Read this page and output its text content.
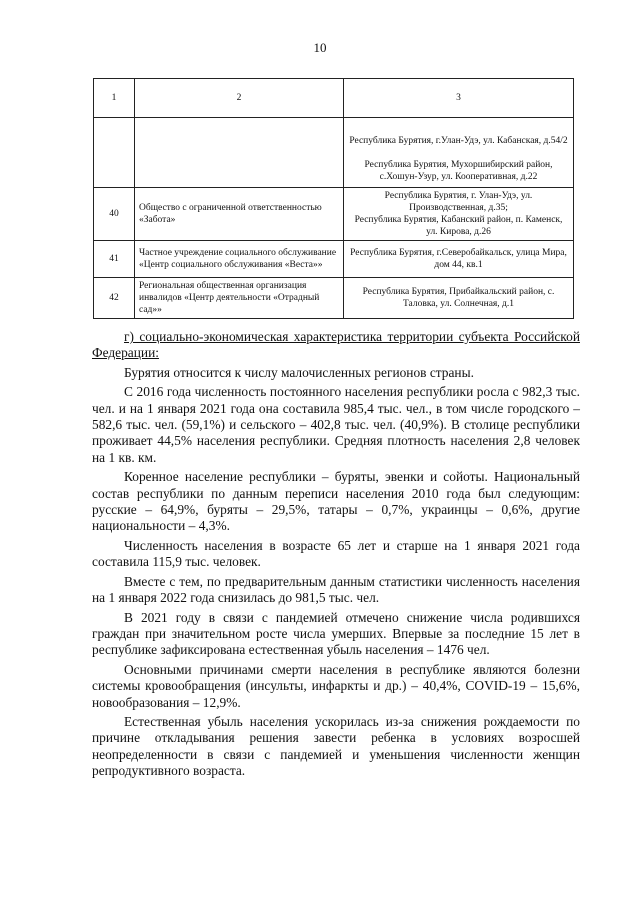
10
1	2	3

		Республика Бурятия, г.Улан-Удэ, ул. Кабанская, д.54/2
Республика Бурятия, Мухоршибирский район, с.Хошун-Узур, ул. Кооперативная, д.22

40	Общество с ограниченной ответственностью «Забота»	Республика Бурятия, г. Улан-Удэ, ул. Производственная, д.35;
Республика Бурятия, Кабанский район, п. Каменск, ул. Кирова, д.26

41	Частное учреждение социального обслуживание «Центр социального обслуживания «Веста»»	Республика Бурятия, г.Северобайкальск, улица Мира, дом 44, кв.1

42	Региональная общественная организация инвалидов «Центр деятельности «Отрадный сад»»	Республика Бурятия, Прибайкальский район, с. Таловка, ул. Солнечная, д.1

г) социально-экономическая характеристика территории субъекта Российской Федерации:

Бурятия относится к числу малочисленных регионов страны.

С 2016 года численность постоянного населения республики росла с 982,3 тыс. чел. и на 1 января 2021 года она составила 985,4 тыс. чел., в том числе городского – 582,6 тыс. чел. (59,1%) и сельского – 402,8 тыс. чел. (40,9%). В столице республики проживает 44,5% населения республики. Средняя плотность населения 2,8 человек на 1 кв. км.

Коренное население республики – буряты, эвенки и сойоты. Национальный состав республики по данным переписи населения 2010 года был следующим: русские – 64,9%, буряты – 29,5%, татары – 0,7%, украинцы – 0,6%, другие национальности – 4,3%.

Численность населения в возрасте 65 лет и старше на 1 января 2021 года составила 115,9 тыс. человек.

Вместе с тем, по предварительным данным статистики численность населения на 1 января 2022 года снизилась до 981,5 тыс. чел.

В 2021 году в связи с пандемией отмечено снижение числа родившихся граждан при значительном росте числа умерших. Впервые за последние 15 лет в республике зафиксирована естественная убыль населения – 1476 чел.

Основными причинами смерти населения в республике являются болезни системы кровообращения (инсульты, инфаркты и др.) – 40,4%, COVID-19 – 15,6%, новообразования – 12,9%.

Естественная убыль населения ускорилась из-за снижения рождаемости по причине откладывания решения завести ребенка в условиях возросшей неопределенности в связи с пандемией и уменьшения численности женщин репродуктивного возраста.
